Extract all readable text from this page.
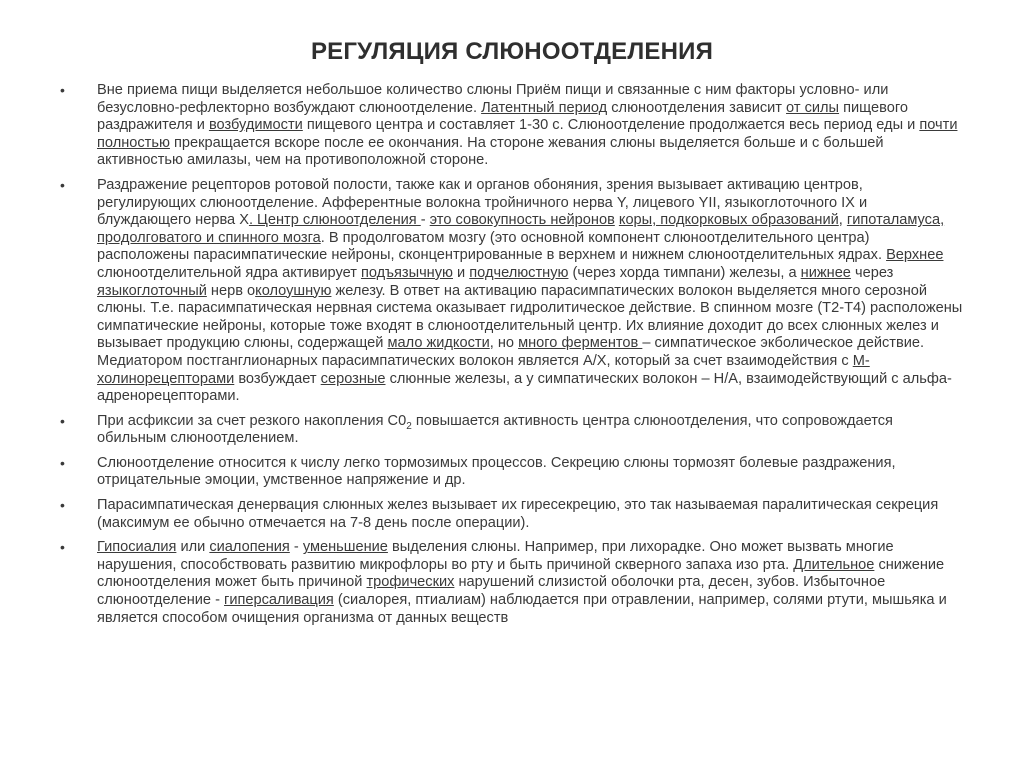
РЕГУЛЯЦИЯ СЛЮНООТДЕЛЕНИЯ
• Вне приема пищи выделяется небольшое количество слюны Приём пищи и связанные с ним факторы условно- или безусловно-рефлекторно возбуждают слюноотделение. Латентный период слюноотделения зависит от силы пищевого раздражителя и возбудимости пищевого центра и составляет 1-30 с. Слюноотделение продолжается весь период еды и почти полностью прекращается вскоре после ее окончания. На стороне жевания слюны выделяется больше и с большей активностью амилазы, чем на противоположной стороне.
• Раздражение рецепторов ротовой полости, также как и органов обоняния, зрения вызывает активацию центров, регулирующих слюноотделение. Афферентные волокна тройничного нерва Y, лицевого YII, языкоглоточного IX и блуждающего нерва X. Центр слюноотделения - это совокупность нейронов коры, подкорковых образований, гипоталамуса, продолговатого и спинного мозга. В продолговатом мозгу (это основной компонент слюноотделительного центра) расположены парасимпатические нейроны, сконцентрированные в верхнем и нижнем слюноотделительных ядрах. Верхнее слюноотделительной ядра активирует подъязычную и подчелюстную (через хорда тимпани) железы, а нижнее через языкоглоточный нерв околоушную железу. В ответ на активацию парасимпатических волокон выделяется много серозной слюны. Т.е. парасимпатическая нервная система оказывает гидролитическое действие. В спинном мозге (Т2-Т4) расположены симпатические нейроны, которые тоже входят в слюноотделительный центр. Их влияние доходит до всех слюнных желез и вызывает продукцию слюны, содержащей мало жидкости, но много ферментов – симпатическое экболическое действие. Медиатором постганглионарных парасимпатических волокон является А/Х, который за счет взаимодействия с М-холинорецепторами возбуждает серозные слюнные железы, а у симпатических волокон – Н/А, взаимодействующий с альфа-адренорецепторами.
• При асфиксии за счет резкого накопления $С0_2$ повышается активность центра слюноотделения, что сопровождается обильным слюноотделением.
• Слюноотделение относится к числу легко тормозимых процессов. Секрецию слюны тормозят болевые раздражения, отрицательные эмоции, умственное напряжение и др.
• Парасимпатическая денервация слюнных желез вызывает их гиресекрецию, это так называемая паралитическая секреция (максимум ее обычно отмечается на 7-8 день после операции).
• Гипосиалия или сиалопения - уменьшение выделения слюны. Например, при лихорадке. Оно может вызвать многие нарушения, способствовать развитию микрофлоры во рту и быть причиной скверного запаха изо рта. Длительное снижение слюноотделения может быть причиной трофических нарушений слизистой оболочки рта, десен, зубов. Избыточное слюноотделение - гиперсаливация (сиалорея, птиалиам) наблюдается при отравлении, например, солями ртути, мышьяка и является способом очищения организма от данных веществ
